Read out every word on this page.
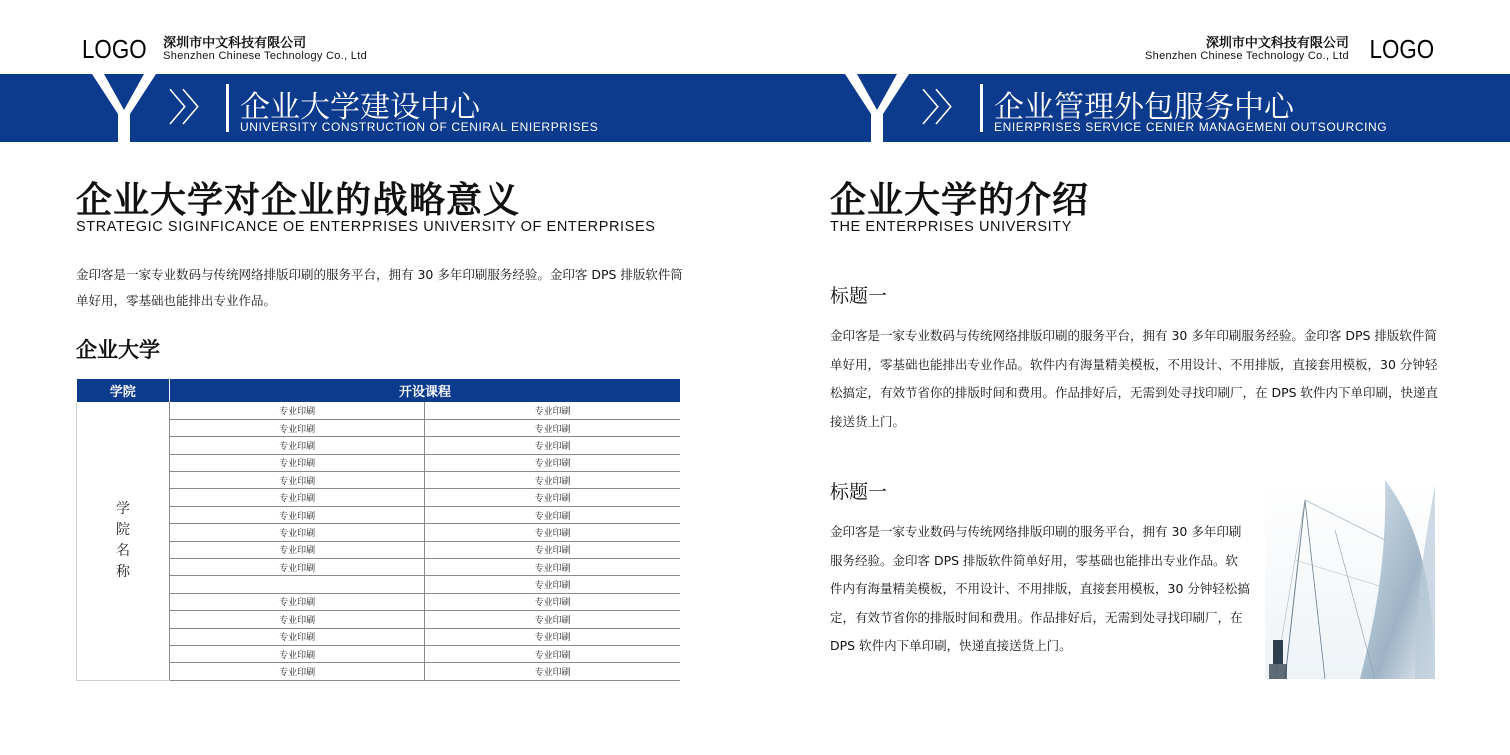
LOGO 深圳市中文科技有限公司
Shenzhen Chinese Technology Co., Ltd
〉〉 企业大学建设中心
UNIVERSITY CONSTRUCTION OF CENIRAL ENIERPRISES
企业大学对企业的战略意义
STRATEGIC SIGINFICANCE OE ENTERPRISES UNIVERSITY OF ENTERPRISES

金印客是一家专业数码与传统网络排版印刷的服务平台，拥有 30 多年印刷服务经验。金印客 DPS 排版软件简单好用，零基础也能排出专业作品。

企业大学
学院	开设课程	
学院名称	专业印刷	专业印刷
	专业印刷	专业印刷
	专业印刷	专业印刷
	专业印刷	专业印刷
	专业印刷	专业印刷
	专业印刷	专业印刷
	专业印刷	专业印刷
	专业印刷	专业印刷
	专业印刷	专业印刷
	专业印刷	专业印刷
		专业印刷
	专业印刷	专业印刷
	专业印刷	专业印刷
	专业印刷	专业印刷
	专业印刷	专业印刷
	专业印刷	专业印刷
深圳市中文科技有限公司
Shenzhen Chinese Technology Co., Ltd LOGO
〉〉 企业管理外包服务中心
ENIERPRISES SERVICE CENIER MANAGEMENI OUTSOURCING
企业大学的介绍
THE ENTERPRISES UNIVERSITY
标题一

金印客是一家专业数码与传统网络排版印刷的服务平台，拥有 30 多年印刷服务经验。金印客 DPS 排版软件简单好用，零基础也能排出专业作品。软件内有海量精美模板，不用设计、不用排版，直接套用模板，30 分钟轻松搞定，有效节省你的排版时间和费用。作品排好后，无需到处寻找印刷厂，在 DPS 软件内下单印刷，快递直接送货上门。

标题一

金印客是一家专业数码与传统网络排版印刷的服务平台，拥有 30 多年印刷服务经验。金印客 DPS 排版软件简单好用，零基础也能排出专业作品。软件内有海量精美模板，不用设计、不用排版，直接套用模板，30 分钟轻松搞定，有效节省你的排版时间和费用。作品排好后，无需到处寻找印刷厂，在 DPS 软件内下单印刷，快递直接送货上门。
